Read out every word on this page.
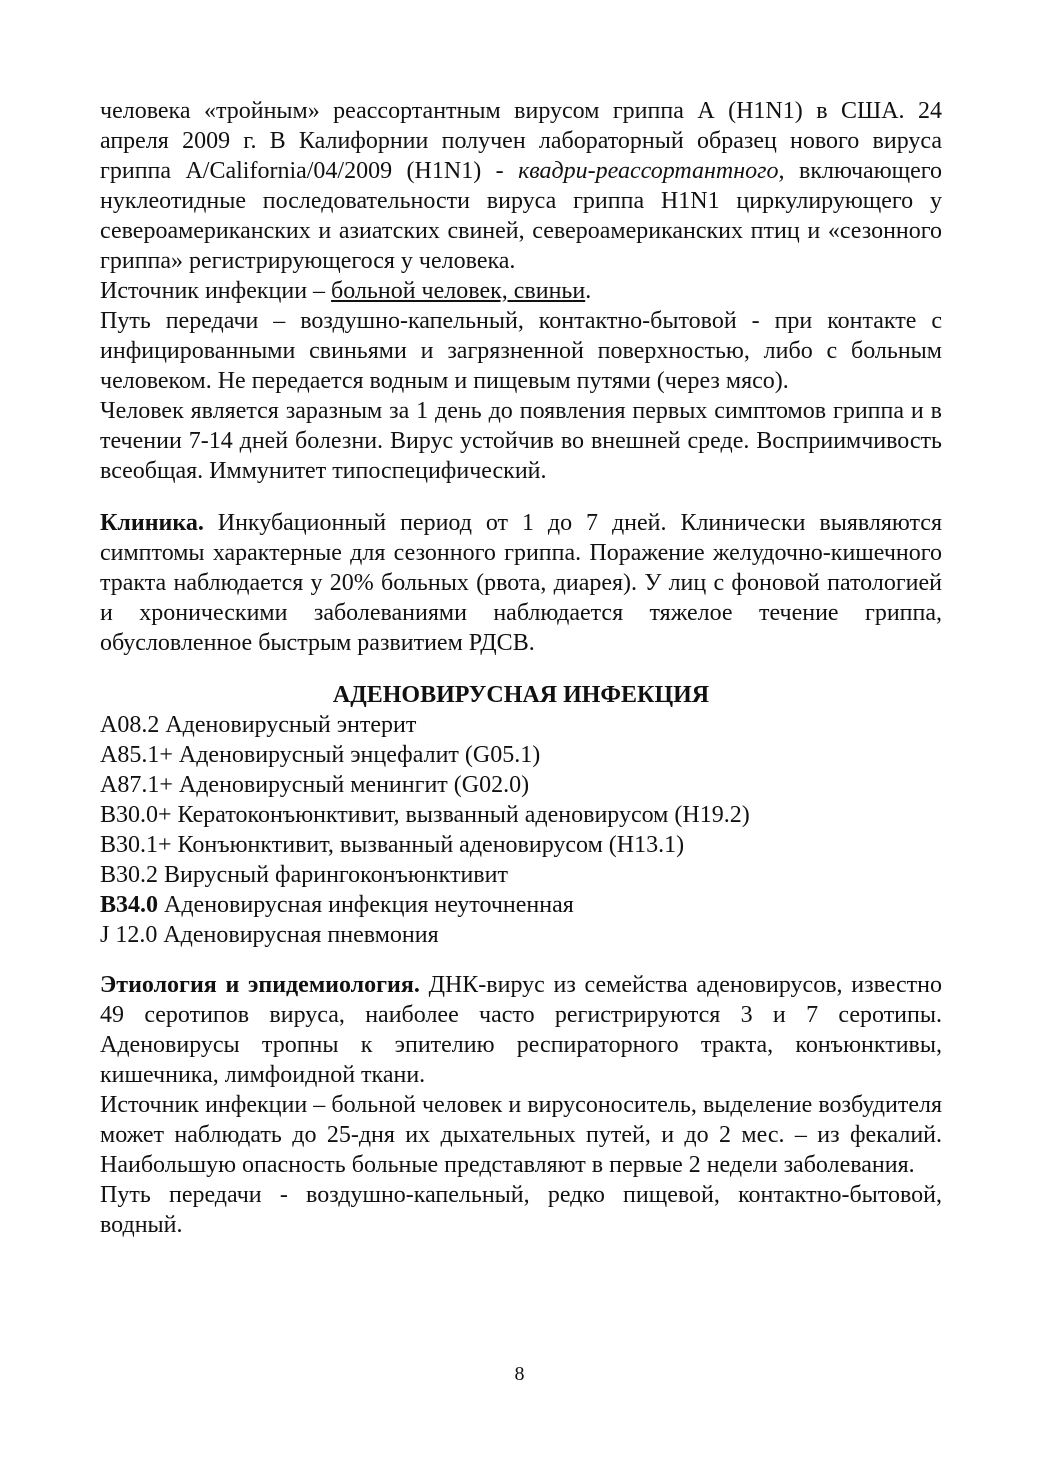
человека «тройным» реассортантным вирусом гриппа А (H1N1) в США. 24 апреля 2009 г. В Калифорнии получен лабораторный образец нового вируса гриппа A/California/04/2009 (H1N1) - квадри-реассортантного, включающего нуклеотидные последовательности вируса гриппа H1N1 циркулирующего у североамериканских и азиатских свиней, североамериканских птиц и «сезонного гриппа» регистрирующегося у человека.

Источник инфекции – больной человек, свиньи.

Путь передачи – воздушно-капельный, контактно-бытовой - при контакте с инфицированными свиньями и загрязненной поверхностью, либо с больным человеком. Не передается водным и пищевым путями (через мясо).

Человек является заразным за 1 день до появления первых симптомов гриппа и в течении 7-14 дней болезни. Вирус устойчив во внешней среде. Восприимчивость всеобщая. Иммунитет типоспецифический.

Клиника. Инкубационный период от 1 до 7 дней. Клинически выявляются симптомы характерные для сезонного гриппа. Поражение желудочно-кишечного тракта наблюдается у 20% больных (рвота, диарея). У лиц с фоновой патологией и хроническими заболеваниями наблюдается тяжелое течение гриппа, обусловленное быстрым развитием РДСВ.

АДЕНОВИРУСНАЯ ИНФЕКЦИЯ

A08.2 Аденовирусный энтерит

A85.1+ Аденовирусный энцефалит (G05.1)

A87.1+ Аденовирусный менингит (G02.0)

B30.0+ Кератоконъюнктивит, вызванный аденовирусом (H19.2)

B30.1+ Конъюнктивит, вызванный аденовирусом (H13.1)

B30.2 Вирусный фарингоконъюнктивит

B34.0 Аденовирусная инфекция неуточненная

J 12.0 Аденовирусная пневмония

Этиология и эпидемиология. ДНК-вирус из семейства аденовирусов, известно 49 серотипов вируса, наиболее часто регистрируются 3 и 7 серотипы. Аденовирусы тропны к эпителию респираторного тракта, конъюнктивы, кишечника, лимфоидной ткани.

Источник инфекции – больной человек и вирусоноситель, выделение возбудителя может наблюдать до 25-дня их дыхательных путей, и до 2 мес. – из фекалий. Наибольшую опасность больные представляют в первые 2 недели заболевания.

Путь передачи - воздушно-капельный, редко пищевой, контактно-бытовой, водный.

8
